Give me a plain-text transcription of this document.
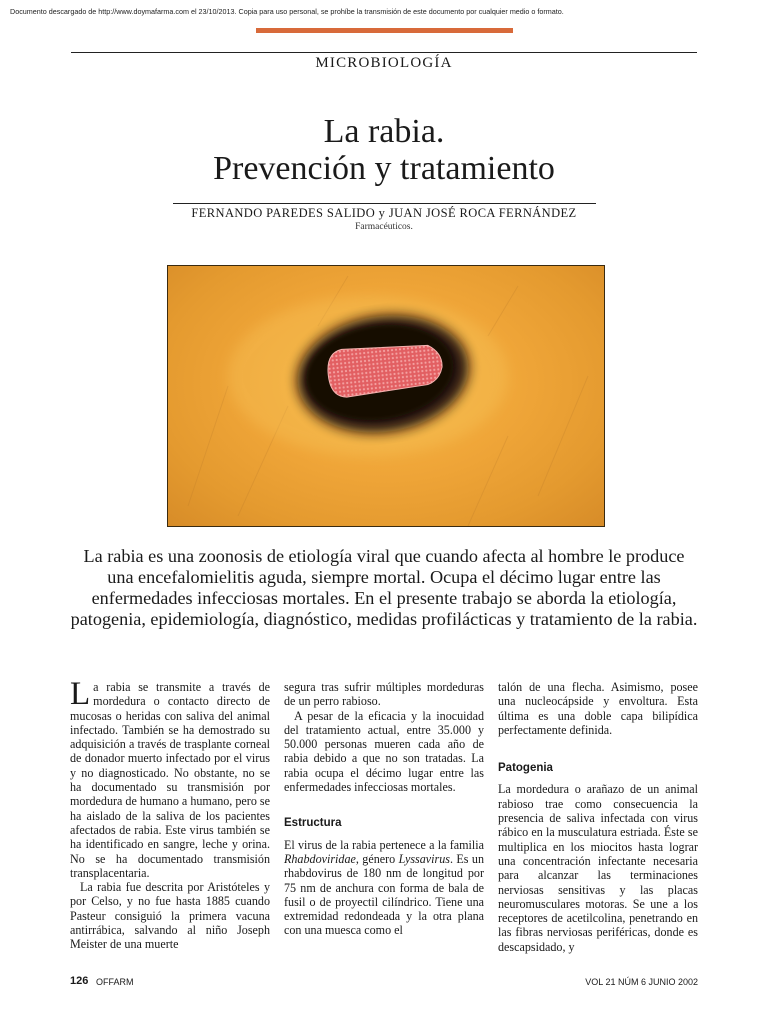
Documento descargado de http://www.doymafarma.com el 23/10/2013. Copia para uso personal, se prohíbe la transmisión de este documento por cualquier medio o formato.
MICROBIOLOGÍA
La rabia.
Prevención y tratamiento
FERNANDO PAREDES SALIDO y JUAN JOSÉ ROCA FERNÁNDEZ
Farmacéuticos.
La rabia es una zoonosis de etiología viral que cuando afecta al hombre le produce una encefalomielitis aguda, siempre mortal. Ocupa el décimo lugar entre las enfermedades infecciosas mortales. En el presente trabajo se aborda la etiología, patogenia, epidemiología, diagnóstico, medidas profilácticas y tratamiento de la rabia.

La rabia se transmite a través de mordedura o contacto directo de mucosas o heridas con saliva del animal infectado. También se ha demostrado su adquisición a través de trasplante corneal de donador muerto infectado por el virus y no diagnosticado. No obstante, no se ha documentado su transmisión por mordedura de humano a humano, pero se ha aislado de la saliva de los pacientes afectados de rabia. Este virus también se ha identificado en sangre, leche y orina. No se ha documentado transmisión transplacentaria.

La rabia fue descrita por Aristóteles y por Celso, y no fue hasta 1885 cuando Pasteur consiguió la primera vacuna antirrábica, salvando al niño Joseph Meister de una muerte

segura tras sufrir múltiples mordeduras de un perro rabioso.

A pesar de la eficacia y la inocuidad del tratamiento actual, entre 35.000 y 50.000 personas mueren cada año de rabia debido a que no son tratadas. La rabia ocupa el décimo lugar entre las enfermedades infecciosas mortales.

Estructura

El virus de la rabia pertenece a la familia Rhabdoviridae, género Lyssavirus. Es un rhabdovirus de 180 nm de longitud por 75 nm de anchura con forma de bala de fusil o de proyectil cilíndrico. Tiene una extremidad redondeada y la otra plana con una muesca como el

talón de una flecha. Asimismo, posee una nucleocápside y envoltura. Esta última es una doble capa bilipídica perfectamente definida.

Patogenia

La mordedura o arañazo de un animal rabioso trae como consecuencia la presencia de saliva infectada con virus rábico en la musculatura estriada. Éste se multiplica en los miocitos hasta lograr una concentración infectante necesaria para alcanzar las terminaciones nerviosas sensitivas y las placas neuromusculares motoras. Se une a los receptores de acetilcolina, penetrando en las fibras nerviosas periféricas, donde es descapsidado, y

126 OFFARM	VOL 21 NÚM 6 JUNIO 2002
